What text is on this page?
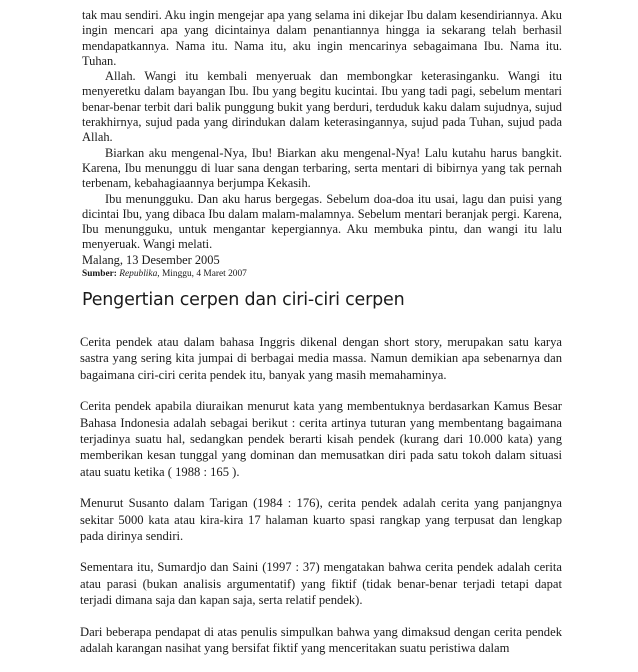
tak mau sendiri. Aku ingin mengejar apa yang selama ini dikejar Ibu dalam kesendiriannya. Aku ingin mencari apa yang dicintainya dalam penantiannya hingga ia sekarang telah berhasil mendapatkannya. Nama itu. Nama itu, aku ingin mencarinya sebagaimana Ibu. Nama itu. Tuhan.

Allah. Wangi itu kembali menyeruak dan membongkar keterasinganku. Wangi itu menyeretku dalam bayangan Ibu. Ibu yang begitu kucintai. Ibu yang tadi pagi, sebelum mentari benar-benar terbit dari balik punggung bukit yang berduri, terduduk kaku dalam sujudnya, sujud terakhirnya, sujud pada yang dirindukan dalam keterasingannya, sujud pada Tuhan, sujud pada Allah.

Biarkan aku mengenal-Nya, Ibu! Biarkan aku mengenal-Nya! Lalu kutahu harus bangkit. Karena, Ibu menunggu di luar sana dengan terbaring, serta mentari di bibirnya yang tak pernah terbenam, kebahagiaannya berjumpa Kekasih.

Ibu menungguku. Dan aku harus bergegas. Sebelum doa-doa itu usai, lagu dan puisi yang dicintai Ibu, yang dibaca Ibu dalam malam-malamnya. Sebelum mentari beranjak pergi. Karena, Ibu menungguku, untuk mengantar kepergiannya. Aku membuka pintu, dan wangi itu lalu menyeruak. Wangi melati.

Malang, 13 Desember 2005

Sumber: Republika, Minggu, 4 Maret 2007

Pengertian cerpen dan ciri-ciri cerpen

Cerita pendek atau dalam bahasa Inggris dikenal dengan short story, merupakan satu karya sastra yang sering kita jumpai di berbagai media massa. Namun demikian apa sebenarnya dan bagaimana ciri-ciri cerita pendek itu, banyak yang masih memahaminya.

Cerita pendek apabila diuraikan menurut kata yang membentuknya berdasarkan Kamus Besar Bahasa Indonesia adalah sebagai berikut : cerita artinya tuturan yang membentang bagaimana terjadinya suatu hal, sedangkan pendek berarti kisah pendek (kurang dari 10.000 kata) yang memberikan kesan tunggal yang dominan dan memusatkan diri pada satu tokoh dalam situasi atau suatu ketika ( 1988 : 165 ).

Menurut Susanto dalam Tarigan (1984 : 176), cerita pendek adalah cerita yang panjangnya sekitar 5000 kata atau kira-kira 17 halaman kuarto spasi rangkap yang terpusat dan lengkap pada dirinya sendiri.

Sementara itu, Sumardjo dan Saini (1997 : 37) mengatakan bahwa cerita pendek adalah cerita atau parasi (bukan analisis argumentatif) yang fiktif (tidak benar-benar terjadi tetapi dapat terjadi dimana saja dan kapan saja, serta relatif pendek).

Dari beberapa pendapat di atas penulis simpulkan bahwa yang dimaksud dengan cerita pendek adalah karangan nasihat yang bersifat fiktif yang menceritakan suatu peristiwa dalam
